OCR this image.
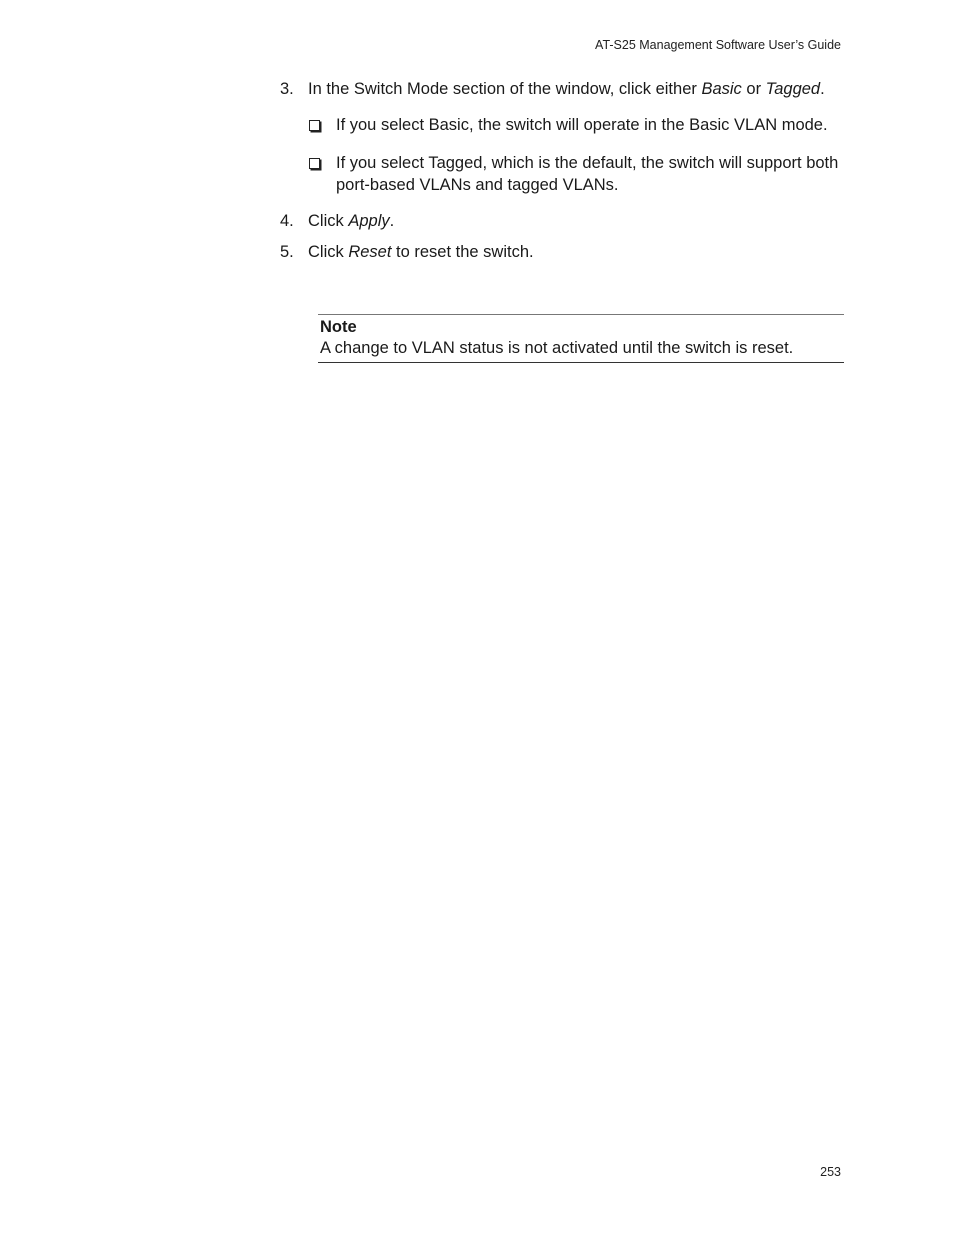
AT-S25 Management Software User’s Guide
3. In the Switch Mode section of the window, click either Basic or Tagged.
If you select Basic, the switch will operate in the Basic VLAN mode.
If you select Tagged, which is the default, the switch will support both port-based VLANs and tagged VLANs.
4. Click Apply.
5. Click Reset to reset the switch.
Note
A change to VLAN status is not activated until the switch is reset.
253
